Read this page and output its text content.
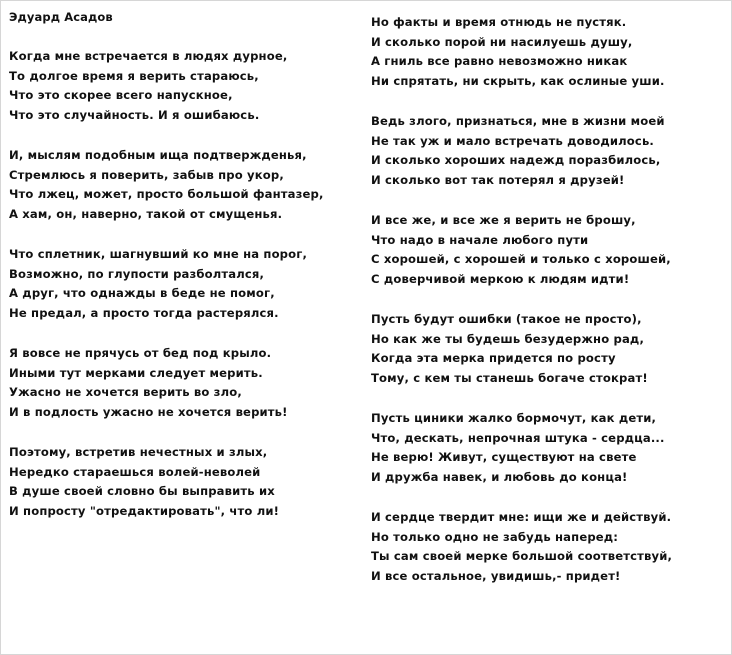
Эдуард Асадов
Когда мне встречается в людях дурное,
То долгое время я верить стараюсь,
Что это скорее всего напускное,
Что это случайность. И я ошибаюсь.
И, мыслям подобным ища подтвержденья,
Стремлюсь я поверить, забыв про укор,
Что лжец, может, просто большой фантазер,
А хам, он, наверно, такой от смущенья.
Что сплетник, шагнувший ко мне на порог,
Возможно, по глупости разболтался,
А друг, что однажды в беде не помог,
Не предал, а просто тогда растерялся.
Я вовсе не прячусь от бед под крыло.
Иными тут мерками следует мерить.
Ужасно не хочется верить во зло,
И в подлость ужасно не хочется верить!
Поэтому, встретив нечестных и злых,
Нередко стараешься волей-неволей
В душе своей словно бы выправить их
И попросту "отредактировать", что ли!
Но факты и время отнюдь не пустяк.
И сколько порой ни насилуешь душу,
А гниль все равно невозможно никак
Ни спрятать, ни скрыть, как ослиные уши.
Ведь злого, признаться, мне в жизни моей
Не так уж и мало встречать доводилось.
И сколько хороших надежд поразбилось,
И сколько вот так потерял я друзей!
И все же, и все же я верить не брошу,
Что надо в начале любого пути
С хорошей, с хорошей и только с хорошей,
С доверчивой меркою к людям идти!
Пусть будут ошибки (такое не просто),
Но как же ты будешь безудержно рад,
Когда эта мерка придется по росту
Тому, с кем ты станешь богаче стократ!
Пусть циники жалко бормочут, как дети,
Что, дескать, непрочная штука - сердца...
Не верю! Живут, существуют на свете
И дружба навек, и любовь до конца!
И сердце твердит мне: ищи же и действуй.
Но только одно не забудь наперед:
Ты сам своей мерке большой соответствуй,
И все остальное, увидишь,- придет!
